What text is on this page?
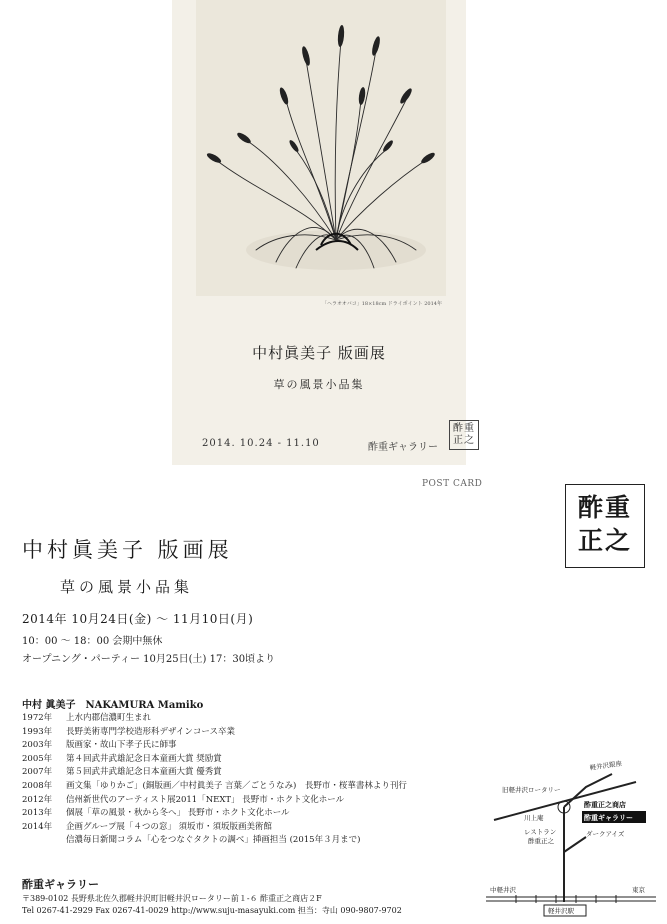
「ヘラオオバコ」18×18cm ドライポイント 2014年
中村眞美子 版画展
草の風景小品集
2014. 10.24 - 11.10	酢重ギャラリー
酢重
正之
POST CARD
酢重
正之
中村眞美子 版画展
草の風景小品集
2014年 10月24日(金) 〜 11月10日(月)
10：00 〜 18：00 会期中無休
オープニング・パーティー 10月25日(土) 17：30頃より
中村 眞美子　NAKAMURA Mamiko
1972年 上水内郡信濃町生まれ
1993年 長野美術専門学校造形科デザインコース卒業
2003年 版画家・故山下孝子氏に師事
2005年 第４回武井武雄記念日本童画大賞 奨励賞
2007年 第５回武井武雄記念日本童画大賞 優秀賞
2008年 画文集「ゆりかご」(銅版画／中村眞美子 言葉／ごとうなみ)　長野市・桜華書林より刊行
2012年 信州新世代のアーティスト展2011「NEXT」 長野市・ホクト文化ホール
2013年 個展「草の風景・秋から冬へ」 長野市・ホクト文化ホール
2014年 企画グループ展「４つの窓」 須坂市・須坂版画美術館
信濃毎日新聞コラム「心をつなぐタクトの調べ」挿画担当 (2015年３月まで)
酢重ギャラリー
〒389-0102 長野県北佐久郡軽井沢町旧軽井沢ロータリー前１-６ 酢重正之商店２F
Tel 0267-41-2929 Fax 0267-41-0029 http://www.suju-masayuki.com 担当：寺山 090-9807-9702
旧軽井沢ロータリー
軽井沢銀座
酢重正之商店
酢重ギャラリー
ダークアイズ
川上庵
レストラン
酢重正之
中軽井沢	東京
軽井沢駅
